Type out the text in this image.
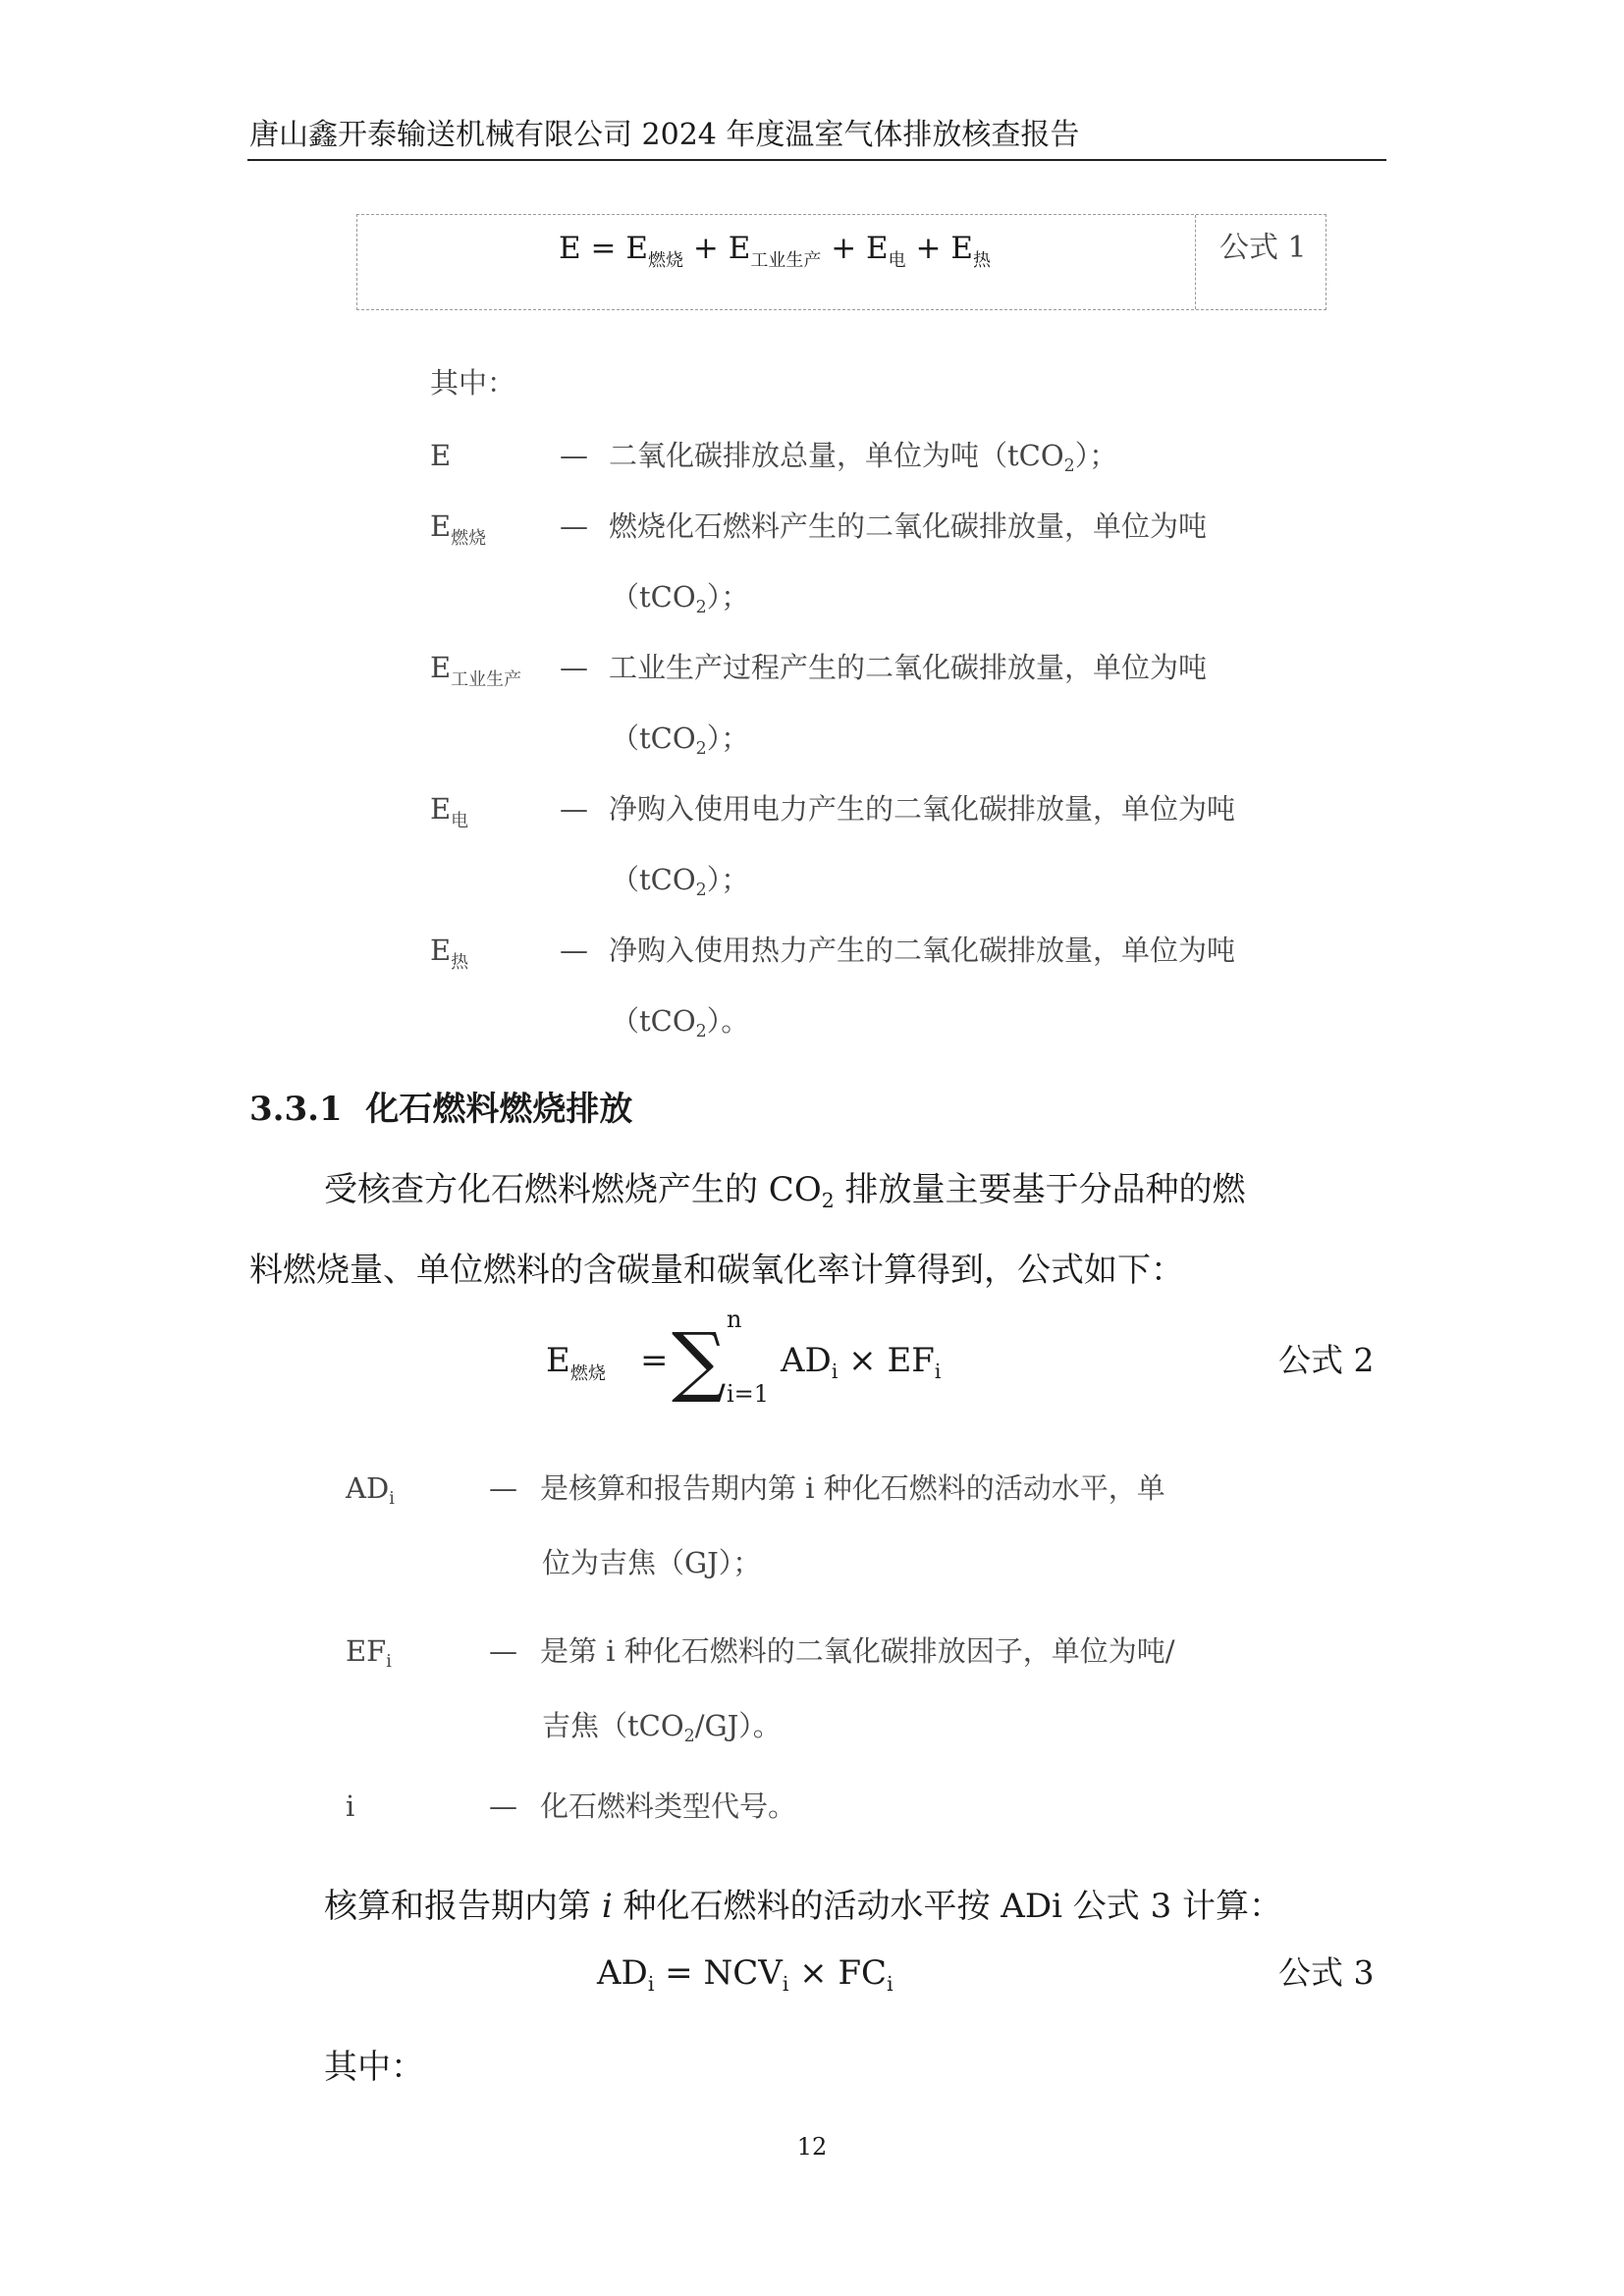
唐山鑫开泰输送机械有限公司 2024 年度温室气体排放核查报告
$E = E_{燃烧} + E_{工业生产} + E_电 + E_热$	公式 1
其中：
E	— 二氧化碳排放总量，单位为吨（tCO$_2$）；
$E_{燃烧}$	— 燃烧化石燃料产生的二氧化碳排放量，单位为吨
（tCO$_2$）；
$E_{工业生产}$ — 工业生产过程产生的二氧化碳排放量，单位为吨
（tCO$_2$）；
$E_电$	— 净购入使用电力产生的二氧化碳排放量，单位为吨
（tCO$_2$）；
$E_热$	— 净购入使用热力产生的二氧化碳排放量，单位为吨
（tCO$_2$）。
3.3.1 化石燃料燃烧排放
受核查方化石燃料燃烧产生的 $CO_2$ 排放量主要基于分品种的燃
料燃烧量、单位燃料的含碳量和碳氧化率计算得到，公式如下：
$E_{燃烧}$ = ∑ n
i=1
$AD_i \times EF_i$	公式 2
$AD_i$	— 是核算和报告期内第 i 种化石燃料的活动水平，单
位为吉焦（GJ）；
$EF_i$	— 是第 i 种化石燃料的二氧化碳排放因子，单位为吨/
吉焦（tCO$_2$/GJ）。
i	— 化石燃料类型代号。
核算和报告期内第 i 种化石燃料的活动水平按 ADi 公式 3 计算：
$AD_i = NCV_i \times FC_i$	公式 3
其中：
12
